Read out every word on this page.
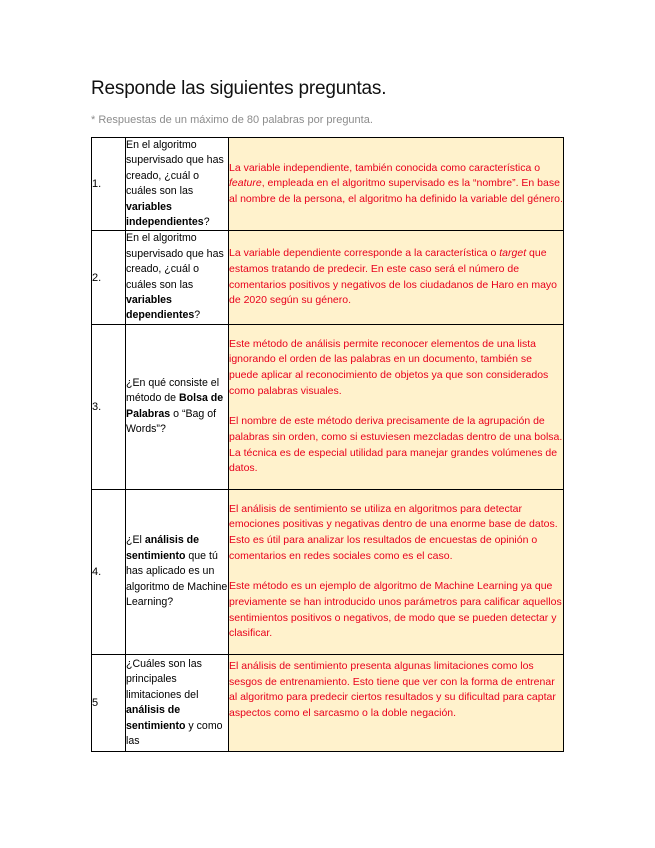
Responde las siguientes preguntas.
* Respuestas de un máximo de 80 palabras por pregunta.
1.	En el algoritmo supervisado que has creado, ¿cuál o cuáles son las variables independientes?	La variable independiente, también conocida como característica o feature, empleada en el algoritmo supervisado es la “nombre”. En base al nombre de la persona, el algoritmo ha definido la variable del género.

2.	En el algoritmo supervisado que has creado, ¿cuál o cuáles son las variables dependientes?	La variable dependiente corresponde a la característica o target que estamos tratando de predecir. En este caso será el número de comentarios positivos y negativos de los ciudadanos de Haro en mayo de 2020 según su género.

3.	¿En qué consiste el método de Bolsa de Palabras o “Bag of Words”?	Este método de análisis permite reconocer elementos de una lista ignorando el orden de las palabras en un documento, también se puede aplicar al reconocimiento de objetos ya que son considerados como palabras visuales.

El nombre de este método deriva precisamente de la agrupación de palabras sin orden, como si estuviesen mezcladas dentro de una bolsa. La técnica es de especial utilidad para manejar grandes volúmenes de datos.

4.	¿El análisis de sentimiento que tú has aplicado es un algoritmo de Machine Learning?	El análisis de sentimiento se utiliza en algoritmos para detectar emociones positivas y negativas dentro de una enorme base de datos. Esto es útil para analizar los resultados de encuestas de opinión o comentarios en redes sociales como es el caso.

Este método es un ejemplo de algoritmo de Machine Learning ya que previamente se han introducido unos parámetros para calificar aquellos sentimientos positivos o negativos, de modo que se pueden detectar y clasificar.

5	¿Cuáles son las principales limitaciones del análisis de sentimiento y como las	El análisis de sentimiento presenta algunas limitaciones como los sesgos de entrenamiento. Esto tiene que ver con la forma de entrenar al algoritmo para predecir ciertos resultados y su dificultad para captar aspectos como el sarcasmo o la doble negación.
